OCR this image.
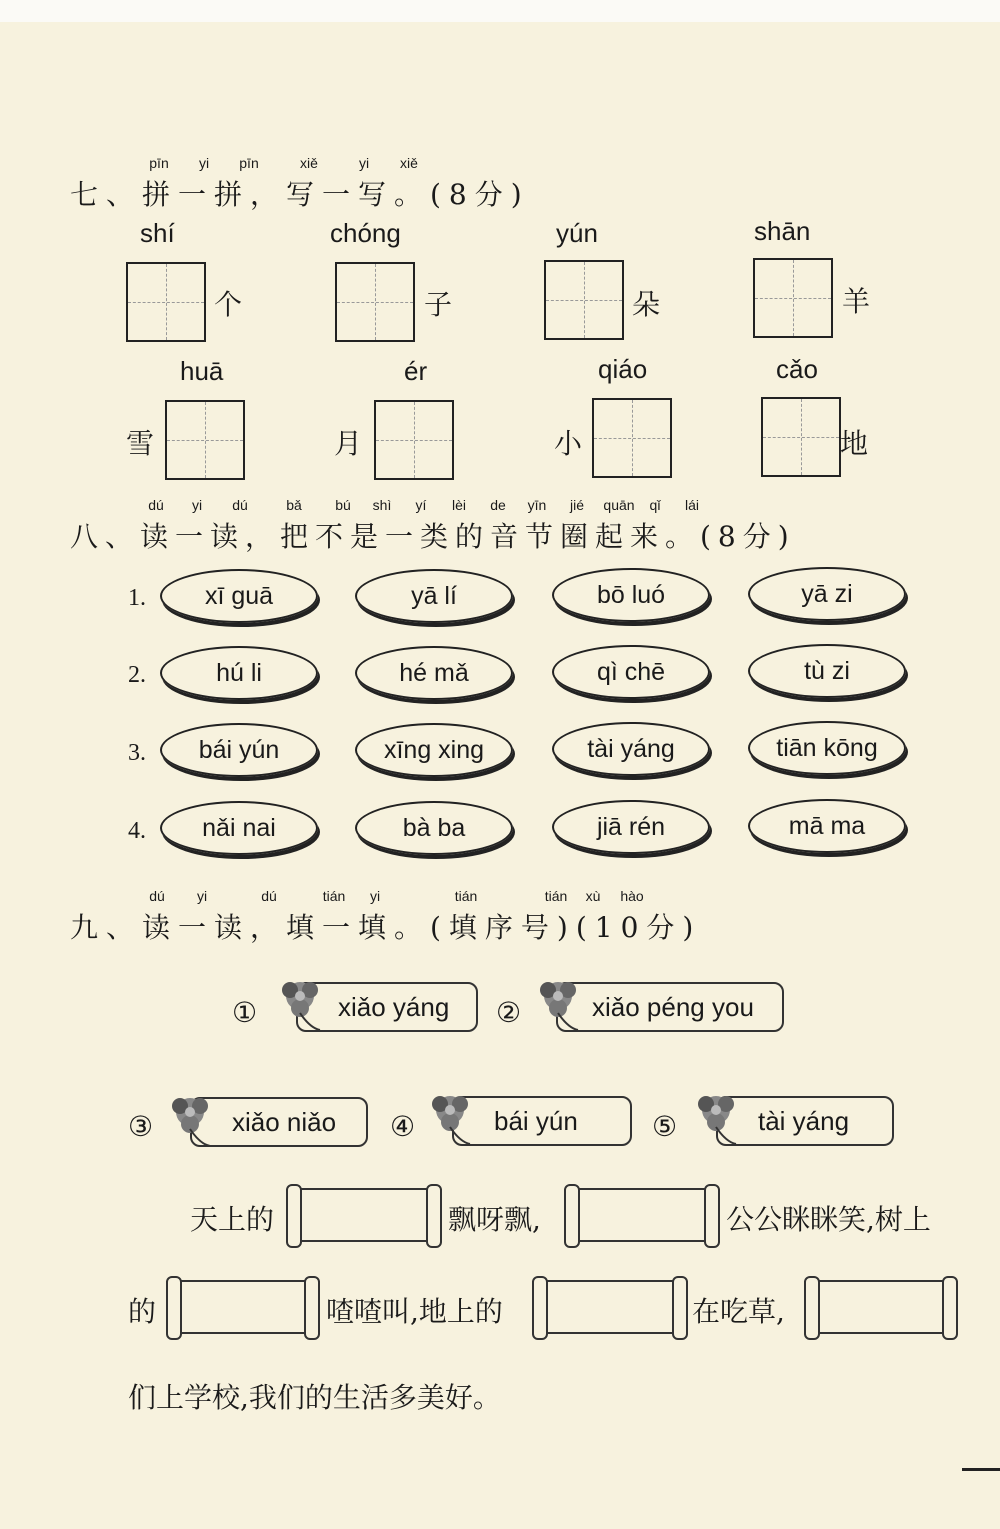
pīn yi pīn	xiě	yi xiě
七、拼一拼，写一写。(8分)
shí
个
chóng
子
yún
朵
shān
羊
huā
雪
ér
月
qiáo
小
cǎo
地
dú yi dú	bǎ bú shì yí lèi de yīn jié quān qǐ lái
八、读一读，把不是一类的音节圈起来。(8分)
1.	xī guā	yā lí	bō luó	yā zi
2.	hú li	hé mǎ	qì chē	tù zi
3.	bái yún	xīng xing	tài yáng	tiān kōng
4.	nǎi nai	bà ba	jiā rén	mā ma
dú yi	dú	tián yi	tián	tián xù hào
九、读一读，填一填。(填序号)(10分)
①	xiǎo yáng	②	xiǎo péng you
③	xiǎo niǎo	④	bái yún	⑤	tài yáng
天上的	飘呀飘,	公公眯眯笑,树上
的	喳喳叫,地上的	在吃草,
们上学校,我们的生活多美好。
